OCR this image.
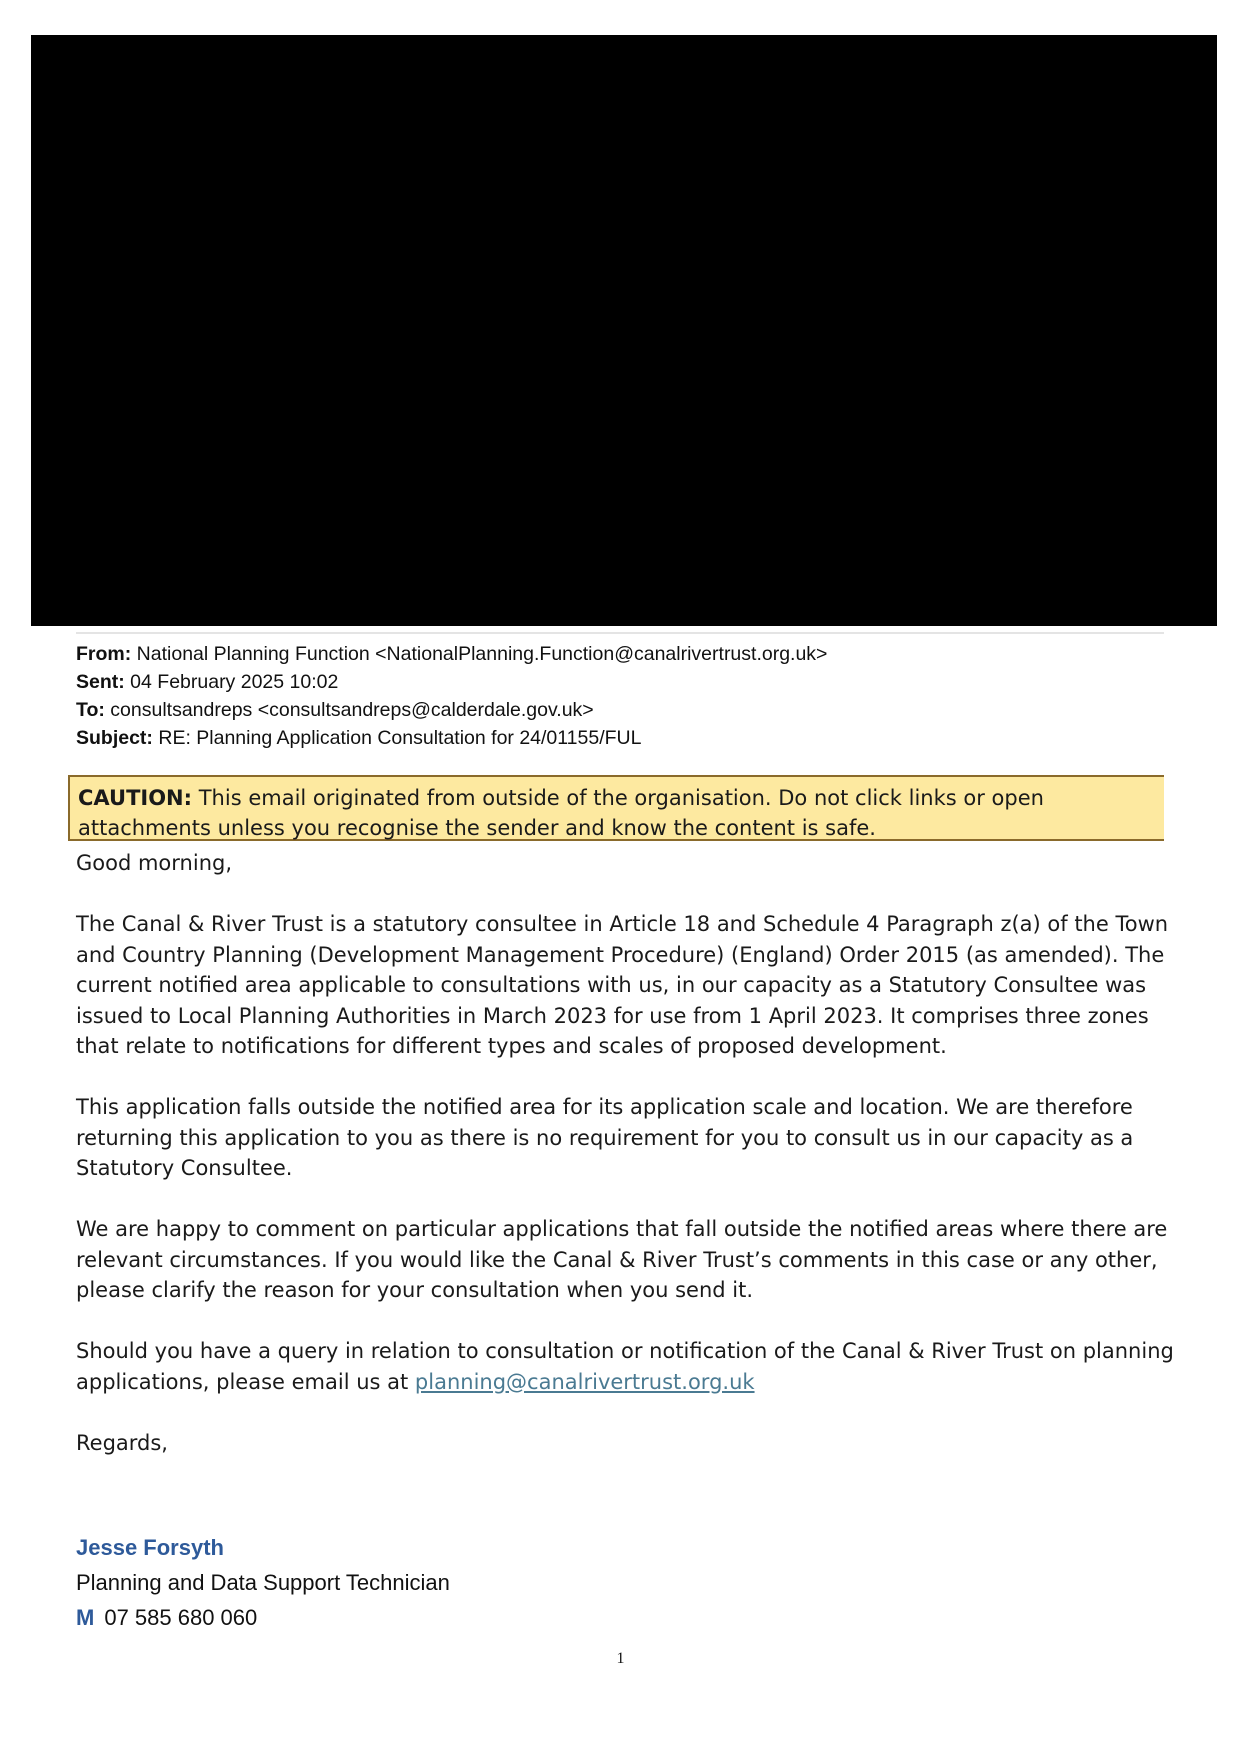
From: National Planning Function <NationalPlanning.Function@canalrivertrust.org.uk>
Sent: 04 February 2025 10:02
To: consultsandreps <consultsandreps@calderdale.gov.uk>
Subject: RE: Planning Application Consultation for 24/01155/FUL
CAUTION: This email originated from outside of the organisation. Do not click links or open attachments unless you recognise the sender and know the content is safe.

Good morning,

The Canal & River Trust is a statutory consultee in Article 18 and Schedule 4 Paragraph z(a) of the Town and Country Planning (Development Management Procedure) (England) Order 2015 (as amended). The current notified area applicable to consultations with us, in our capacity as a Statutory Consultee was issued to Local Planning Authorities in March 2023 for use from 1 April 2023. It comprises three zones that relate to notifications for different types and scales of proposed development.

This application falls outside the notified area for its application scale and location. We are therefore returning this application to you as there is no requirement for you to consult us in our capacity as a Statutory Consultee.

We are happy to comment on particular applications that fall outside the notified areas where there are relevant circumstances. If you would like the Canal & River Trust’s comments in this case or any other, please clarify the reason for your consultation when you send it.

Should you have a query in relation to consultation or notification of the Canal & River Trust on planning applications, please email us at planning@canalrivertrust.org.uk

Regards,

Jesse Forsyth
Planning and Data Support Technician
M 07 585 680 060
1
